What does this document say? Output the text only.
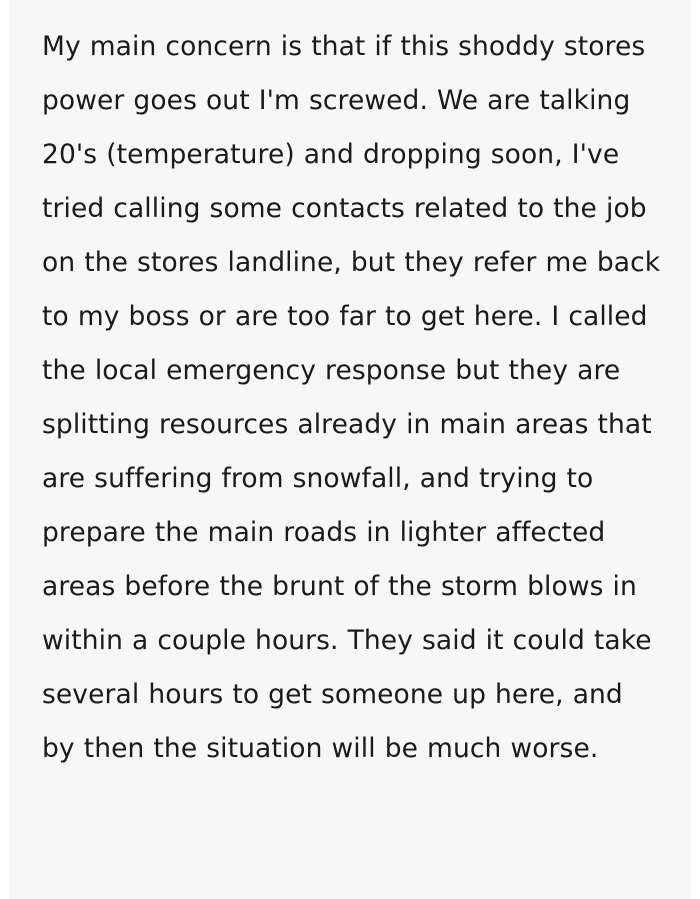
My main concern is that if this shoddy stores power goes out I'm screwed. We are talking 20's (temperature) and dropping soon, I've tried calling some contacts related to the job on the stores landline, but they refer me back to my boss or are too far to get here. I called the local emergency response but they are splitting resources already in main areas that are suffering from snowfall, and trying to prepare the main roads in lighter affected areas before the brunt of the storm blows in within a couple hours. They said it could take several hours to get someone up here, and by then the situation will be much worse.
